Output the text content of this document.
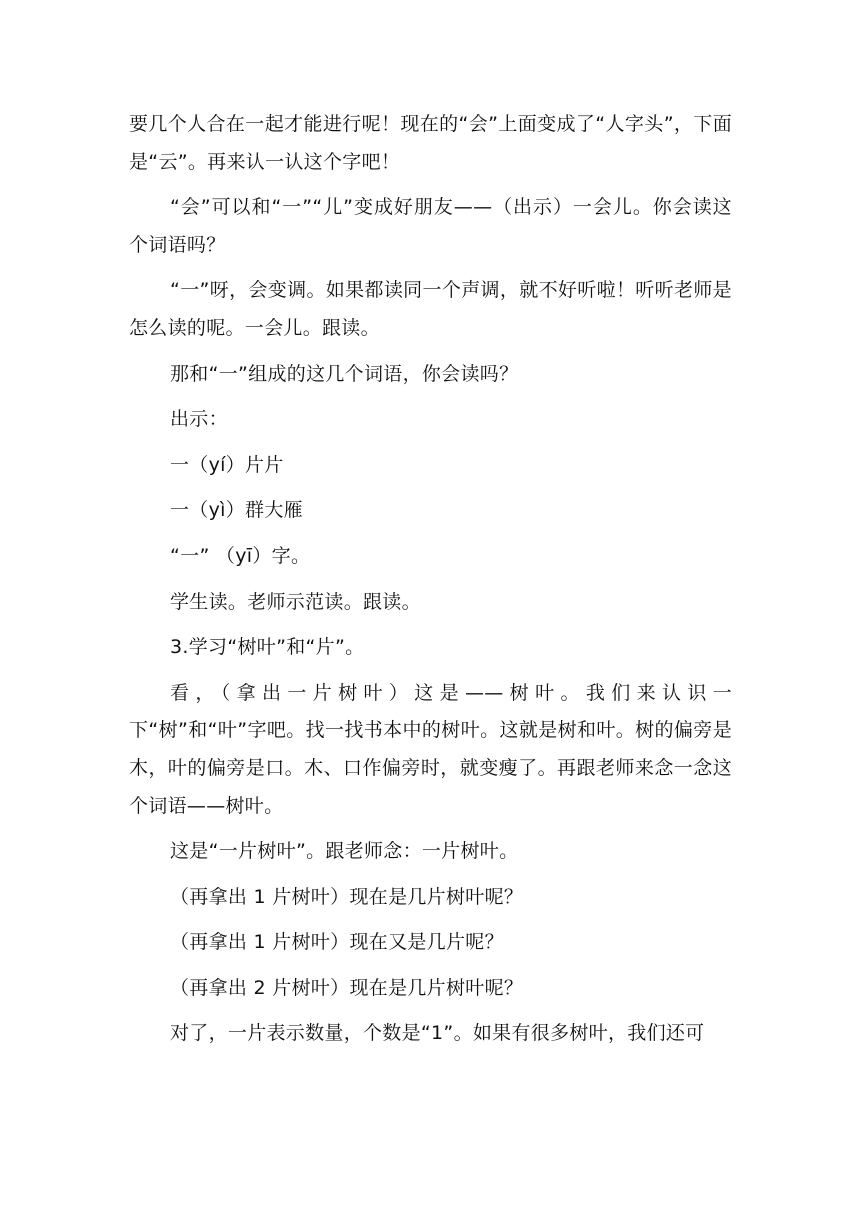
要几个人合在一起才能进行呢！现在的“会”上面变成了“人字头”，下面是“云”。再来认一认这个字吧！

“会”可以和“一”“儿”变成好朋友——（出示）一会儿。你会读这个词语吗？

“一”呀，会变调。如果都读同一个声调，就不好听啦！听听老师是怎么读的呢。一会儿。跟读。

那和“一”组成的这几个词语，你会读吗？

出示：

一（yí）片片

一（yì）群大雁

“一” （yī）字。

学生读。老师示范读。跟读。

3.学习“树叶”和“片”。

看，（拿出一片树叶）这是——树叶。我们来认识一下“树”和“叶”字吧。找一找书本中的树叶。这就是树和叶。树的偏旁是木，叶的偏旁是口。木、口作偏旁时，就变瘦了。再跟老师来念一念这个词语——树叶。

这是“一片树叶”。跟老师念：一片树叶。

（再拿出 1 片树叶）现在是几片树叶呢？

（再拿出 1 片树叶）现在又是几片呢？

（再拿出 2 片树叶）现在是几片树叶呢？

对了，一片表示数量，个数是“1”。如果有很多树叶，我们还可
